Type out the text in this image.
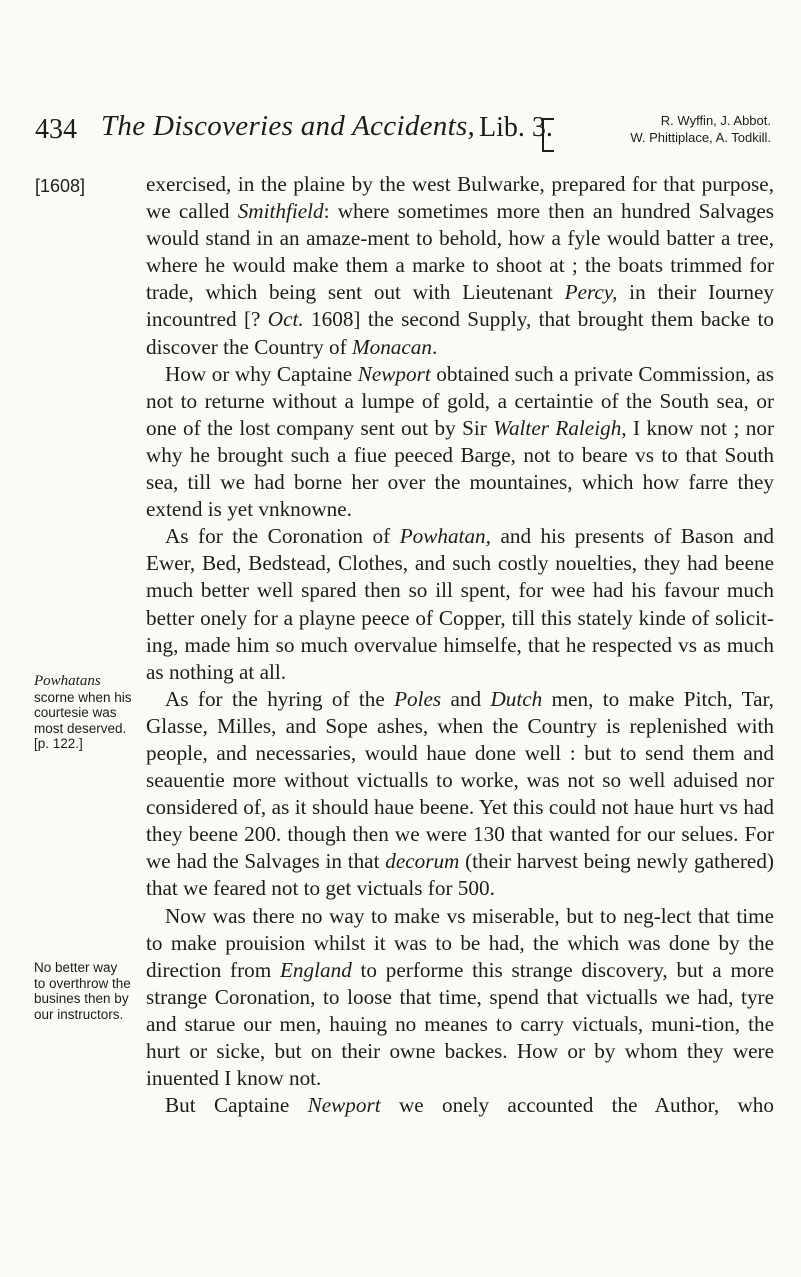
434 The Discoveries and Accidents, Lib. 3.	R. Wyffin, J. Abbot.
W. Phittiplace, A. Todkill.
[1608]
Powhatans
scorne when his courtesie was most deserved.
[p. 122.]
No better way to overthrow the busines then by our instructors.

exercised, in the plaine by the west Bulwarke, prepared for that purpose, we called Smithfield: where sometimes more then an hundred Salvages would stand in an amaze-ment to behold, how a fyle would batter a tree, where he would make them a marke to shoot at ; the boats trimmed for trade, which being sent out with Lieutenant Percy, in their Iourney incountred [? Oct. 1608] the second Supply, that brought them backe to discover the Country of Monacan.

How or why Captaine Newport obtained such a private Commission, as not to returne without a lumpe of gold, a certaintie of the South sea, or one of the lost company sent out by Sir Walter Raleigh, I know not ; nor why he brought such a fiue peeced Barge, not to beare vs to that South sea, till we had borne her over the mountaines, which how farre they extend is yet vnknowne.

As for the Coronation of Powhatan, and his presents of Bason and Ewer, Bed, Bedstead, Clothes, and such costly nouelties, they had beene much better well spared then so ill spent, for wee had his favour much better onely for a playne peece of Copper, till this stately kinde of solicit-ing, made him so much overvalue himselfe, that he respected vs as much as nothing at all.

As for the hyring of the Poles and Dutch men, to make Pitch, Tar, Glasse, Milles, and Sope ashes, when the Country is replenished with people, and necessaries, would haue done well : but to send them and seauentie more without victualls to worke, was not so well aduised nor considered of, as it should haue beene. Yet this could not haue hurt vs had they beene 200. though then we were 130 that wanted for our selues. For we had the Salvages in that decorum (their harvest being newly gathered) that we feared not to get victuals for 500.

Now was there no way to make vs miserable, but to neg-lect that time to make prouision whilst it was to be had, the which was done by the direction from England to performe this strange discovery, but a more strange Coronation, to loose that time, spend that victualls we had, tyre and starue our men, hauing no meanes to carry victuals, muni-tion, the hurt or sicke, but on their owne backes. How or by whom they were inuented I know not.

But Captaine Newport we onely accounted the Author, who
